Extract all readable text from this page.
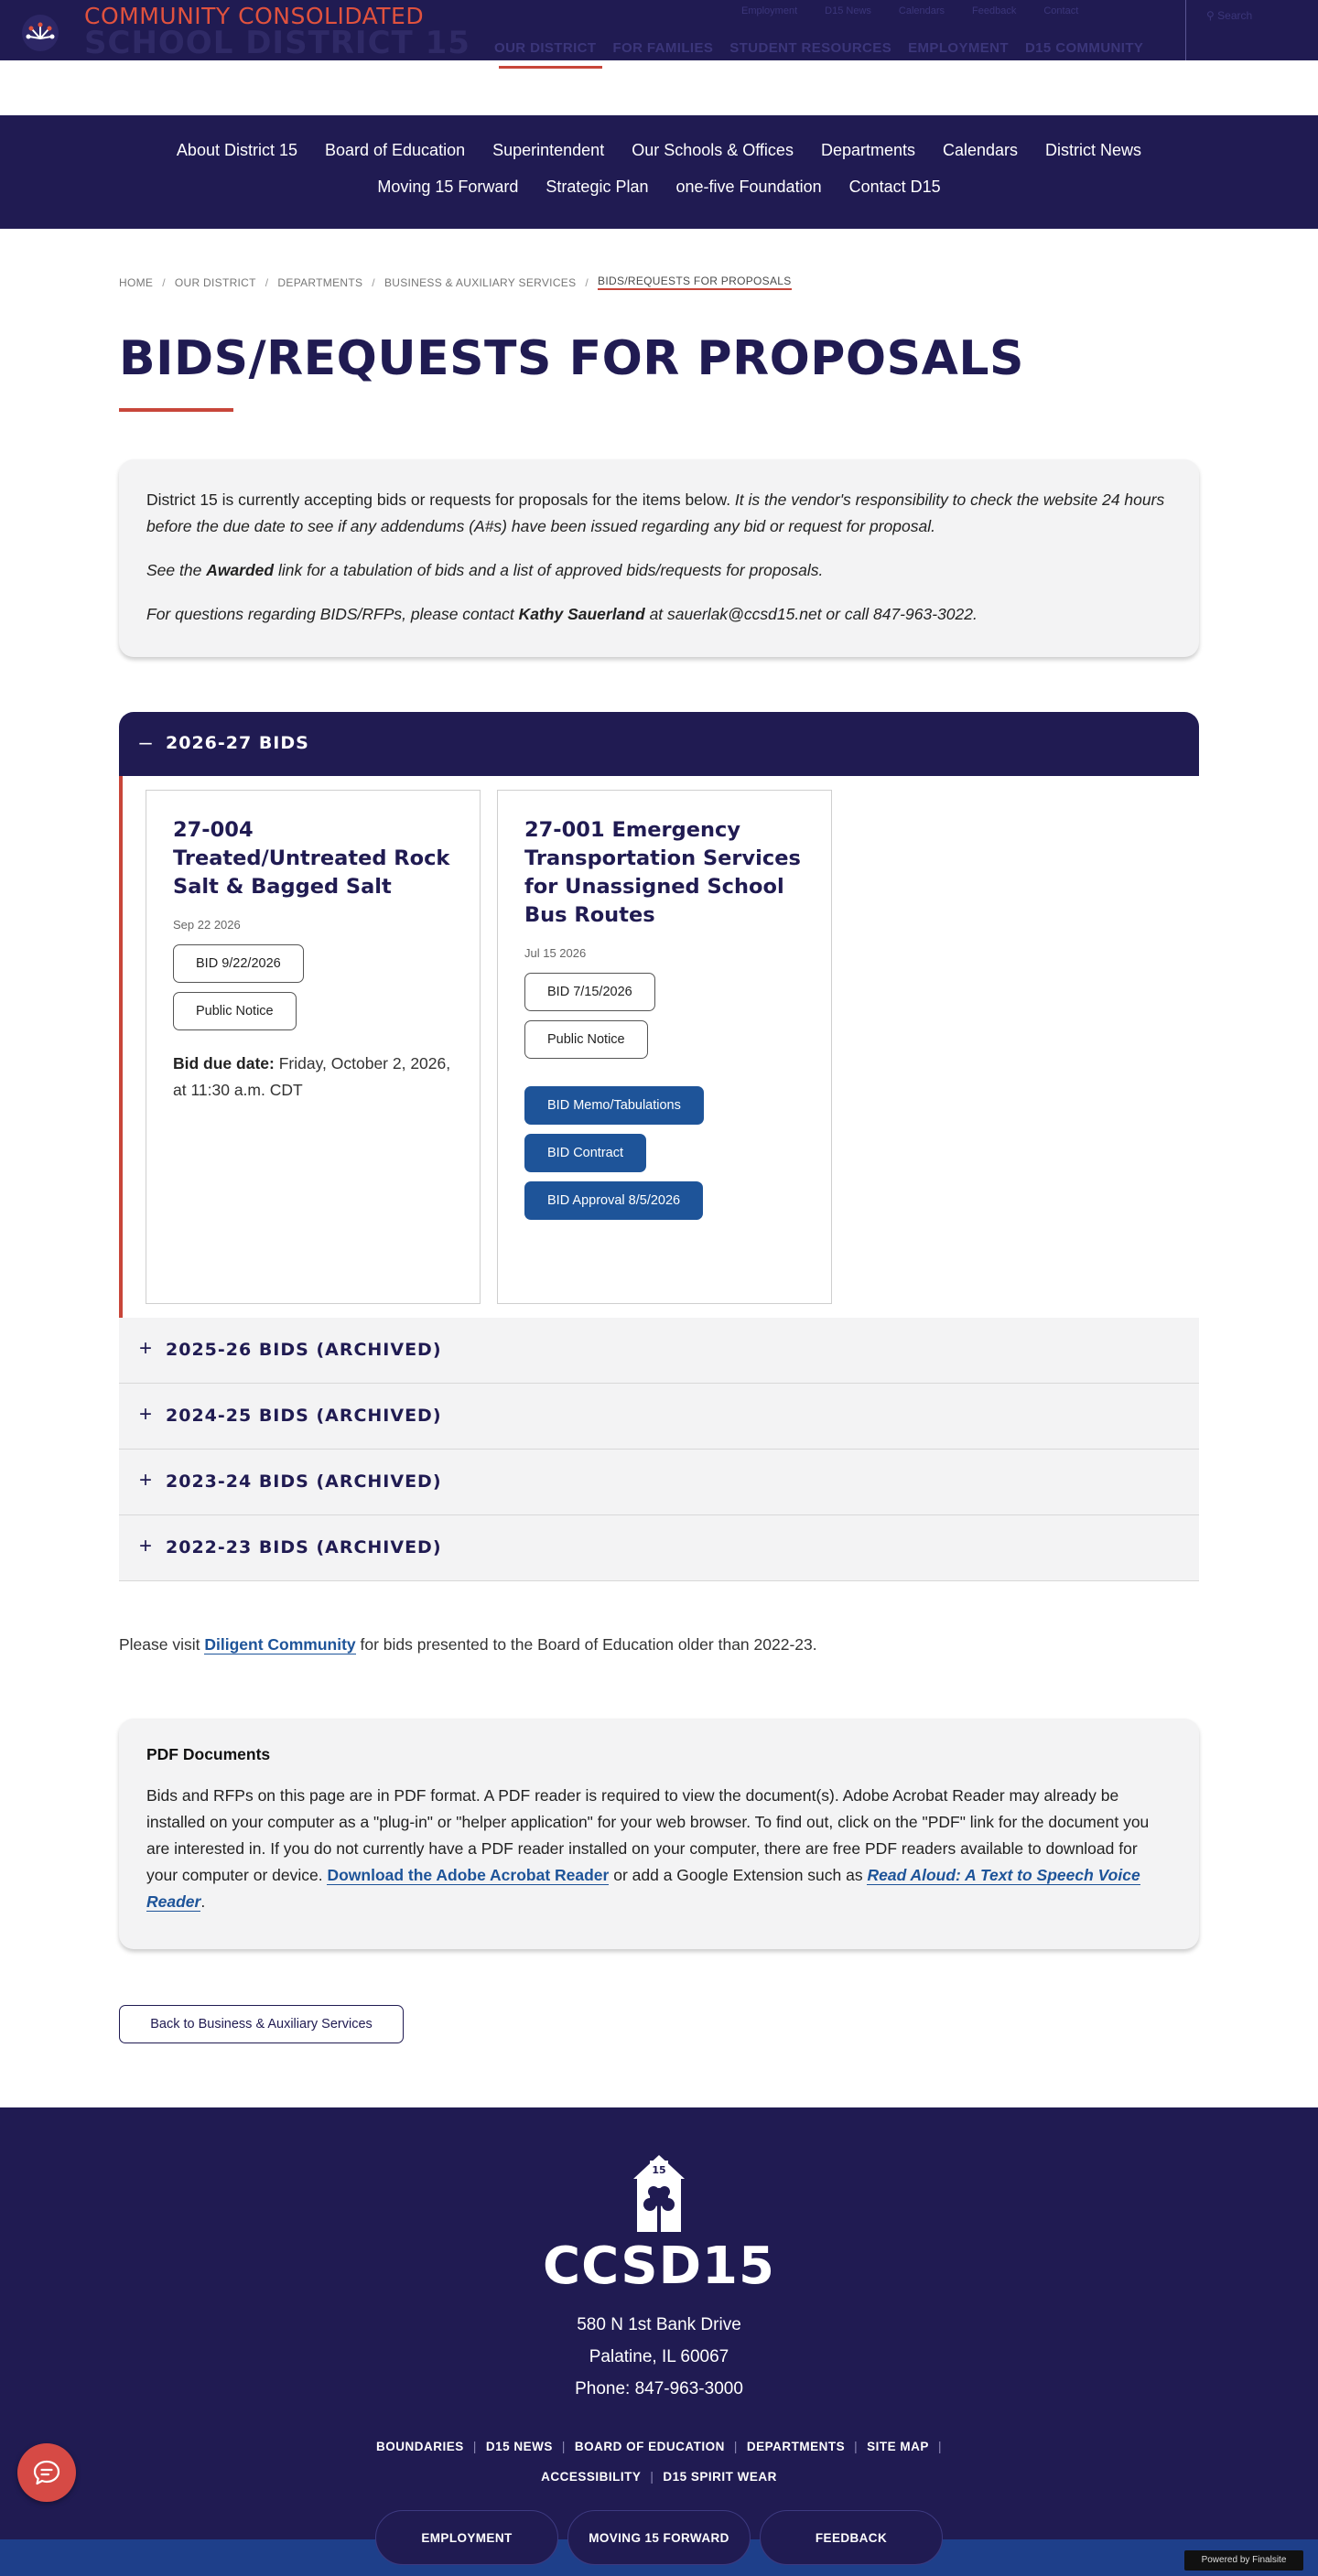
COMMUNITY CONSOLIDATED
SCHOOL DISTRICT 15
Employment	D15 News	Calendars	Feedback	Contact
OUR DISTRICT FOR FAMILIES STUDENT RESOURCES EMPLOYMENT D15 COMMUNITY
⚲ Search
About District 15 Board of Education Superintendent Our Schools & Offices Departments Calendars District News
Moving 15 Forward Strategic Plan one-five Foundation Contact D15
HOME / OUR DISTRICT / DEPARTMENTS / BUSINESS & AUXILIARY SERVICES / BIDS/REQUESTS FOR PROPOSALS
BIDS/REQUESTS FOR PROPOSALS

District 15 is currently accepting bids or requests for proposals for the items below. It is the vendor's responsibility to check the website 24 hours before the due date to see if any addendums (A#s) have been issued regarding any bid or request for proposal.

See the Awarded link for a tabulation of bids and a list of approved bids/requests for proposals.

For questions regarding BIDS/RFPs, please contact Kathy Sauerland at sauerlak@ccsd15.net or call 847-963-3022.

– 2026-27 BIDS
27-004 Treated/Untreated Rock Salt & Bagged Salt
Sep 22 2026
BID 9/22/2026
Public Notice
Bid due date: Friday, October 2, 2026, at 11:30 a.m. CDT
27-001 Emergency Transportation Services for Unassigned School Bus Routes
Jul 15 2026
BID 7/15/2026
Public Notice
BID Memo/Tabulations
BID Contract
BID Approval 8/5/2026
+ 2025-26 BIDS (ARCHIVED)
+ 2024-25 BIDS (ARCHIVED)
+ 2023-24 BIDS (ARCHIVED)
+ 2022-23 BIDS (ARCHIVED)

Please visit Diligent Community for bids presented to the Board of Education older than 2022-23.

PDF Documents

Bids and RFPs on this page are in PDF format. A PDF reader is required to view the document(s). Adobe Acrobat Reader may already be installed on your computer as a "plug-in" or "helper application" for your web browser. To find out, click on the "PDF" link for the document you are interested in. If you do not currently have a PDF reader installed on your computer, there are free PDF readers available to download for your computer or device. Download the Adobe Acrobat Reader or add a Google Extension such as Read Aloud: A Text to Speech Voice Reader.

Back to Business & Auxiliary Services
15
CCSD15
580 N 1st Bank Drive
Palatine, IL 60067
Phone: 847-963-3000
BOUNDARIES | D15 NEWS | BOARD OF EDUCATION | DEPARTMENTS | SITE MAP |
ACCESSIBILITY | D15 SPIRIT WEAR
EMPLOYMENT	MOVING 15 FORWARD	FEEDBACK
Powered by Finalsite
